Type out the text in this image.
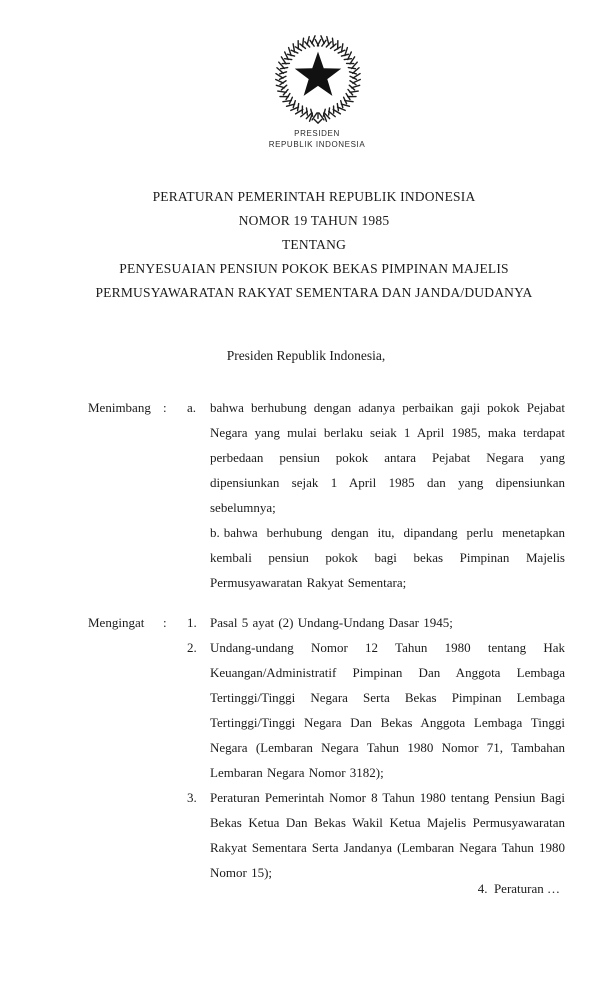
PRESIDEN
REPUBLIK INDONESIA
PERATURAN PEMERINTAH REPUBLIK INDONESIA
NOMOR 19 TAHUN 1985
TENTANG
PENYESUAIAN PENSIUN POKOK BEKAS PIMPINAN MAJELIS
PERMUSYAWARATAN RAKYAT SEMENTARA DAN JANDA/DUDANYA
Presiden Republik Indonesia,
Menimbang :	a.	bahwa berhubung dengan adanya perbaikan gaji pokok Pejabat Negara yang mulai berlaku seiak 1 April 1985, maka terdapat perbedaan pensiun pokok antara Pejabat Negara yang dipensiunkan sejak 1 April 1985 dan yang dipensiunkan sebelumnya;
b. bahwa berhubung dengan itu, dipandang perlu menetapkan kembali pensiun pokok bagi bekas Pimpinan Majelis Permusyawaratan Rakyat Sementara;
Mengingat	:	1.	Pasal 5 ayat (2) Undang-Undang Dasar 1945;
2.	Undang-undang Nomor 12 Tahun 1980 tentang Hak Keuangan/Administratif Pimpinan Dan Anggota Lembaga Tertinggi/Tinggi Negara Serta Bekas Pimpinan Lembaga Tertinggi/Tinggi Negara Dan Bekas Anggota Lembaga Tinggi Negara (Lembaran Negara Tahun 1980 Nomor 71, Tambahan Lembaran Negara Nomor 3182);
3.	Peraturan Pemerintah Nomor 8 Tahun 1980 tentang Pensiun Bagi Bekas Ketua Dan Bekas Wakil Ketua Majelis Permusyawaratan Rakyat Sementara Serta Jandanya (Lembaran Negara Tahun 1980 Nomor 15);
4.  Peraturan …
